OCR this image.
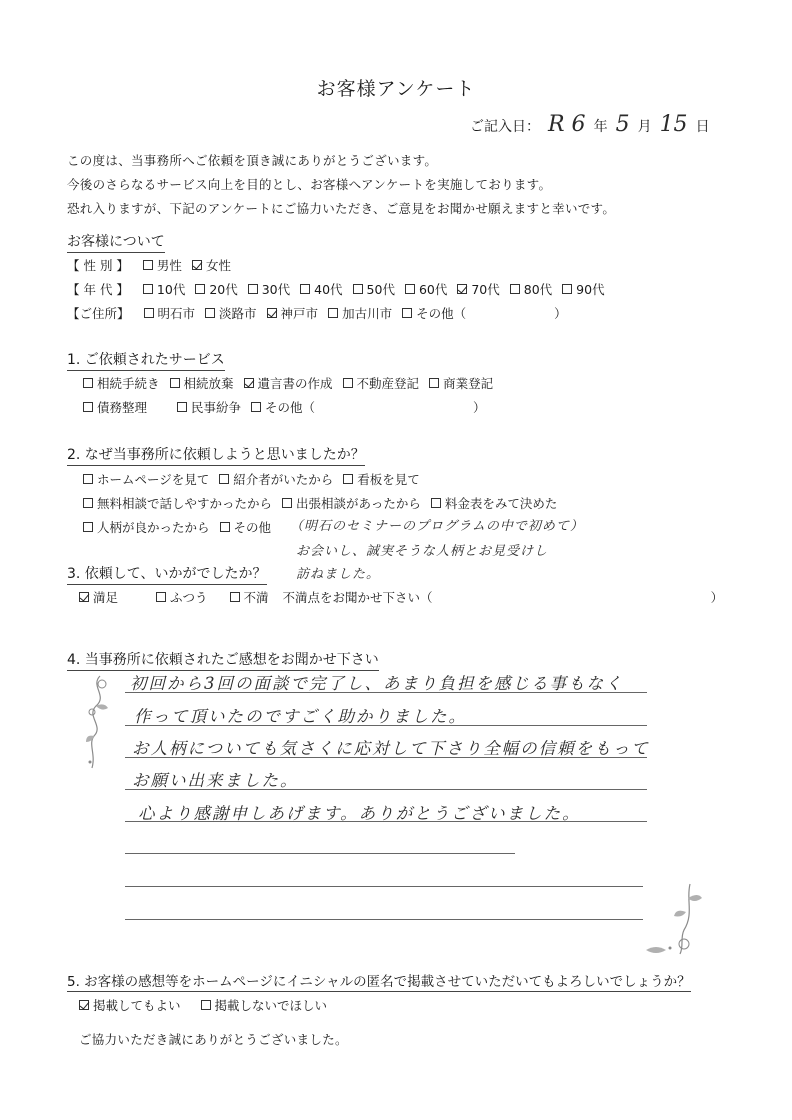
お客様アンケート
ご記入日： R 6 年 5 月 15 日
この度は、当事務所へご依頼を頂き誠にありがとうございます。
今後のさらなるサービス向上を目的とし、お客様へアンケートを実施しております。
恐れ入りますが、下記のアンケートにご協力いただき、ご意見をお聞かせ願えますと幸いです。
お客様について
【 性 別 】 男性 女性
【 年 代 】 10代 20代 30代 40代 50代 60代 70代 80代 90代
【ご住所】 明石市 淡路市 神戸市 加古川市 その他（	）
1. ご依頼されたサービス
相続手続き 相続放棄 遺言書の作成 不動産登記 商業登記
債務整理	民事紛争 その他（	）
2. なぜ当事務所に依頼しようと思いましたか？
ホームページを見て 紹介者がいたから 看板を見て
無料相談で話しやすかったから 出張相談があったから 料金表をみて決めた
人柄が良かったから その他 （明石のセミナーのプログラムの中で初めて）
お会いし、誠実そうな人柄とお見受けし
訪ねました。
3. 依頼して、いかがでしたか？
満足	ふつう	不満 不満点をお聞かせ下さい（	）
4. 当事務所に依頼されたご感想をお聞かせ下さい
初回から3回の面談で完了し、あまり負担を感じる事もなく
作って頂いたのですごく助かりました。
お人柄についても気さくに応対して下さり全幅の信頼をもって
お願い出来ました。
心より感謝申しあげます。ありがとうございました。
5. お客様の感想等をホームページにイニシャルの匿名で掲載させていただいてもよろしいでしょうか？
掲載してもよい	掲載しないでほしい
ご協力いただき誠にありがとうございました。
